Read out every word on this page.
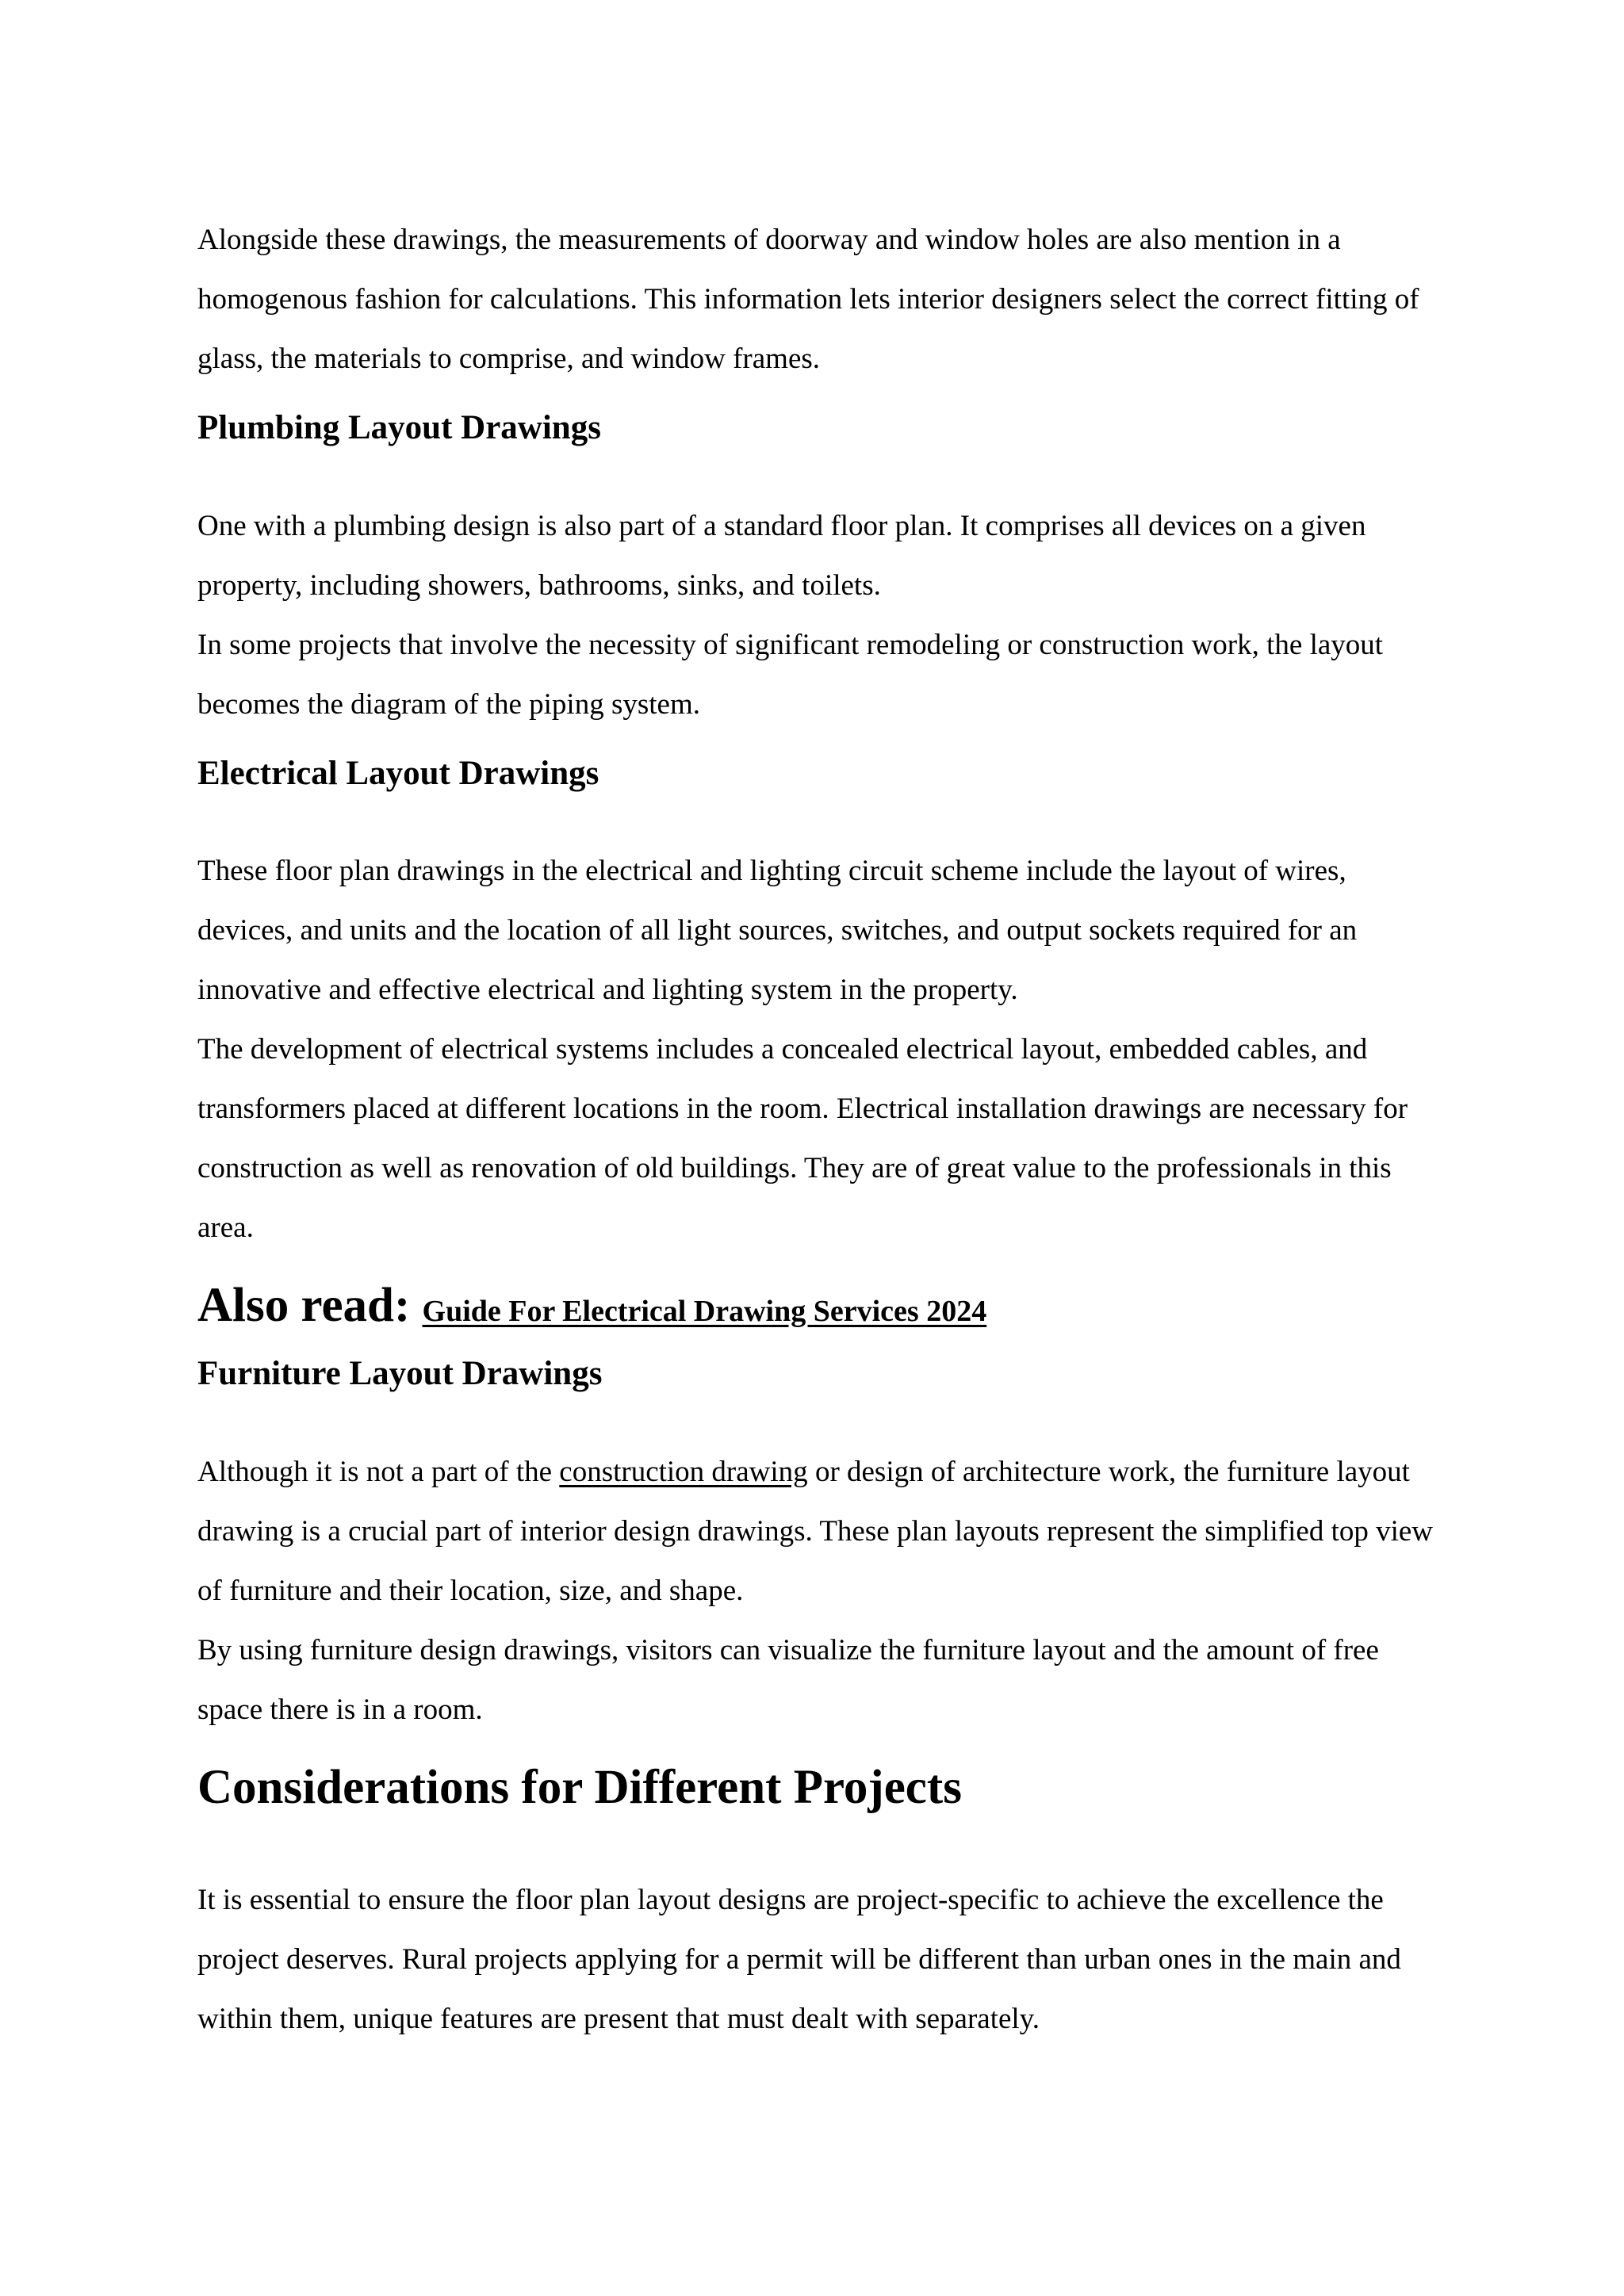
Alongside these drawings, the measurements of doorway and window holes are also mention in a homogenous fashion for calculations. This information lets interior designers select the correct fitting of glass, the materials to comprise, and window frames.

Plumbing Layout Drawings

One with a plumbing design is also part of a standard floor plan. It comprises all devices on a given property, including showers, bathrooms, sinks, and toilets.

In some projects that involve the necessity of significant remodeling or construction work, the layout becomes the diagram of the piping system.

Electrical Layout Drawings

These floor plan drawings in the electrical and lighting circuit scheme include the layout of wires, devices, and units and the location of all light sources, switches, and output sockets required for an innovative and effective electrical and lighting system in the property.

The development of electrical systems includes a concealed electrical layout, embedded cables, and transformers placed at different locations in the room. Electrical installation drawings are necessary for construction as well as renovation of old buildings. They are of great value to the professionals in this area.

Also read: Guide For Electrical Drawing Services 2024
Furniture Layout Drawings

Although it is not a part of the construction drawing or design of architecture work, the furniture layout drawing is a crucial part of interior design drawings. These plan layouts represent the simplified top view of furniture and their location, size, and shape.

By using furniture design drawings, visitors can visualize the furniture layout and the amount of free space there is in a room.

Considerations for Different Projects

It is essential to ensure the floor plan layout designs are project-specific to achieve the excellence the project deserves. Rural projects applying for a permit will be different than urban ones in the main and within them, unique features are present that must dealt with separately.
